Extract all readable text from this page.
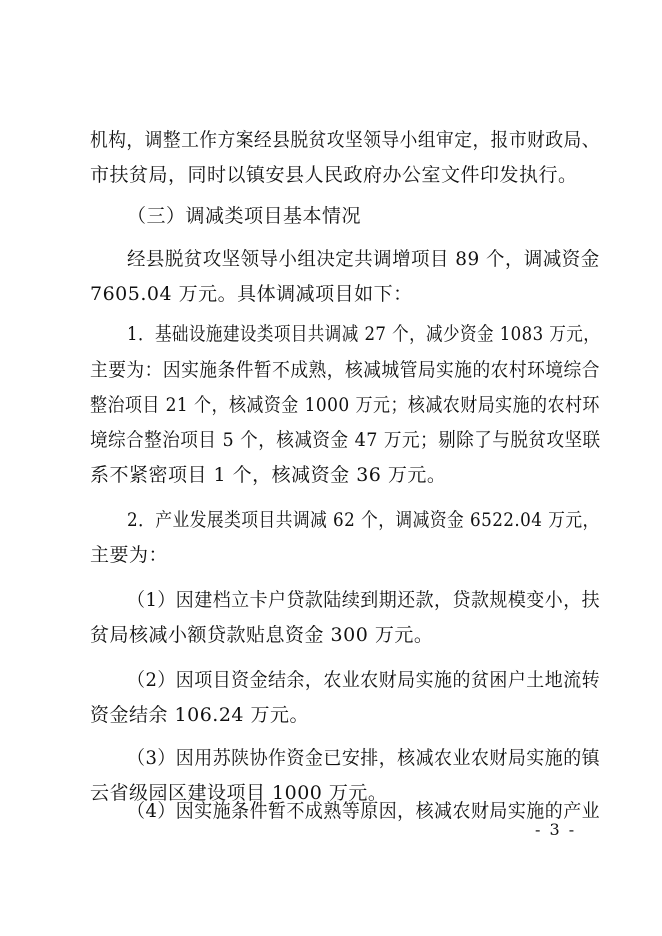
机构，调整工作方案经县脱贫攻坚领导小组审定，报市财政局、
市扶贫局，同时以镇安县人民政府办公室文件印发执行。
（三）调减类项目基本情况
经县脱贫攻坚领导小组决定共调增项目 89 个，调减资金
7605.04 万元。具体调减项目如下：
1．基础设施建设类项目共调减 27 个，减少资金 1083 万元，
主要为：因实施条件暂不成熟，核减城管局实施的农村环境综合
整治项目 21 个，核减资金 1000 万元；核减农财局实施的农村环
境综合整治项目 5 个，核减资金 47 万元；剔除了与脱贫攻坚联
系不紧密项目 1 个，核减资金 36 万元。
2．产业发展类项目共调减 62 个，调减资金 6522.04 万元，
主要为：
（1）因建档立卡户贷款陆续到期还款，贷款规模变小，扶
贫局核减小额贷款贴息资金 300 万元。
（2）因项目资金结余，农业农财局实施的贫困户土地流转
资金结余 106.24 万元。
（3）因用苏陕协作资金已安排，核减农业农财局实施的镇
云省级园区建设项目 1000 万元。
（4）因实施条件暂不成熟等原因，核减农财局实施的产业
- 3 -
